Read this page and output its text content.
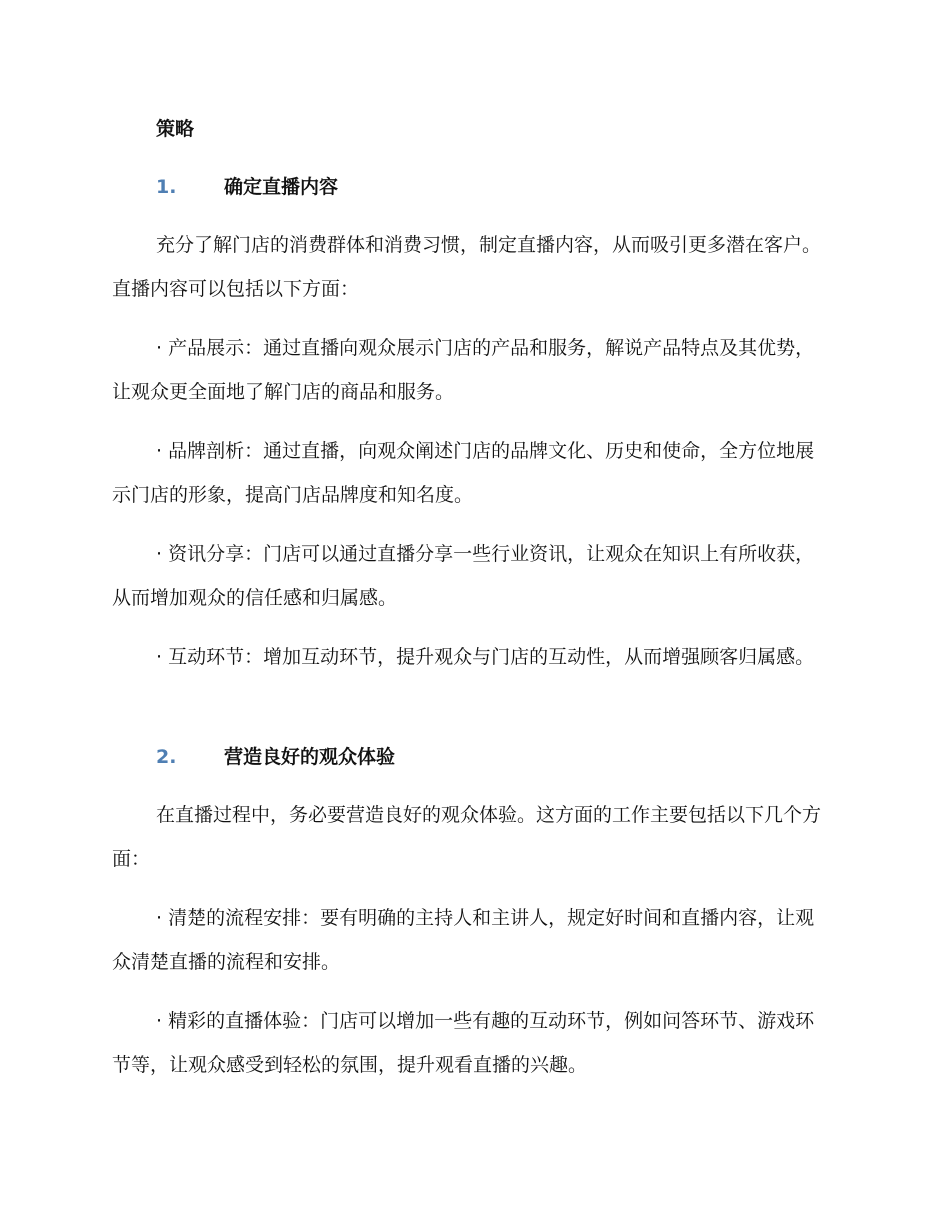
策略
1.	确定直播内容

充分了解门店的消费群体和消费习惯，制定直播内容，从而吸引更多潜在客户。直播内容可以包括以下方面：

· 产品展示：通过直播向观众展示门店的产品和服务，解说产品特点及其优势，让观众更全面地了解门店的商品和服务。

· 品牌剖析：通过直播，向观众阐述门店的品牌文化、历史和使命，全方位地展示门店的形象，提高门店品牌度和知名度。

· 资讯分享：门店可以通过直播分享一些行业资讯，让观众在知识上有所收获，从而增加观众的信任感和归属感。

· 互动环节：增加互动环节，提升观众与门店的互动性，从而增强顾客归属感。

2.	营造良好的观众体验

在直播过程中，务必要营造良好的观众体验。这方面的工作主要包括以下几个方面：

· 清楚的流程安排：要有明确的主持人和主讲人，规定好时间和直播内容，让观众清楚直播的流程和安排。

· 精彩的直播体验：门店可以增加一些有趣的互动环节，例如问答环节、游戏环节等，让观众感受到轻松的氛围，提升观看直播的兴趣。
